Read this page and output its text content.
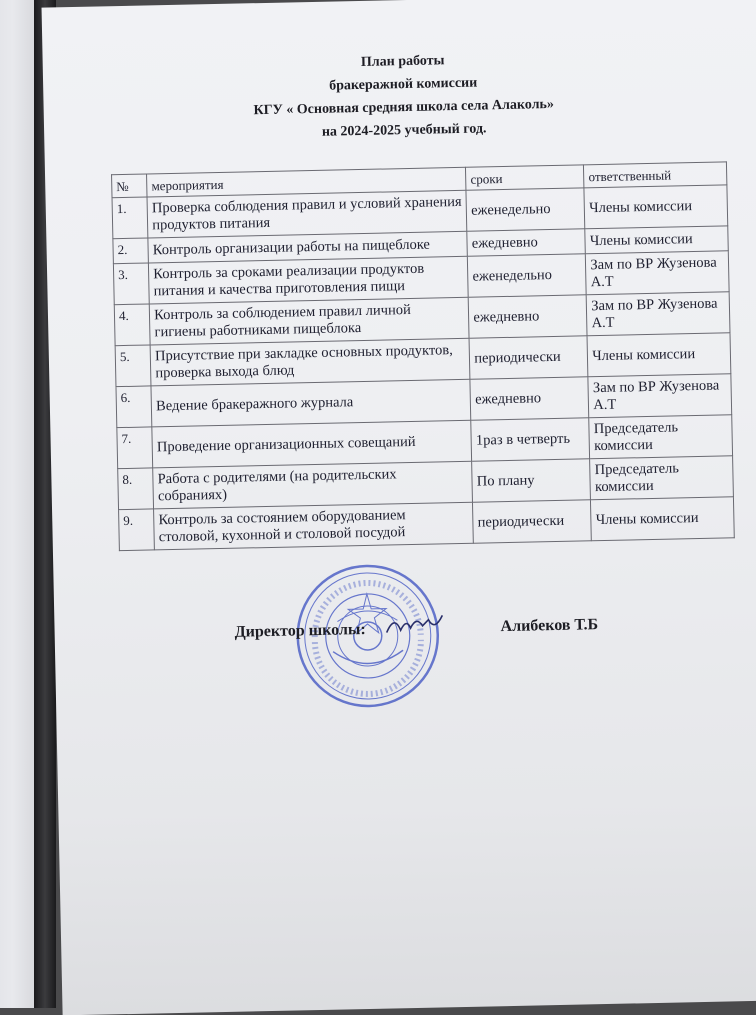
План работы
бракеражной комиссии
КГУ « Основная средняя школа села Алаколь»
на 2024-2025 учебный год.
№	мероприятия	сроки	ответственный
1.	Проверка соблюдения правил и условий хранения продуктов питания	еженедельно	Члены комиссии
2.	Контроль организации работы на пищеблоке	ежедневно	Члены комиссии
3.	Контроль за сроками реализации продуктов питания и качества приготовления пищи	еженедельно	Зам по ВР Жузенова А.Т
4.	Контроль за соблюдением правил личной гигиены работниками пищеблока	ежедневно	Зам по ВР Жузенова А.Т
5.	Присутствие при закладке основных продуктов, проверка выхода блюд	периодически	Члены комиссии
6.	Ведение бракеражного журнала	ежедневно	Зам по ВР Жузенова А.Т
7.	Проведение организационных совещаний	1раз в четверть	Председатель комиссии
8.	Работа с родителями (на родительских собраниях)	По плану	Председатель комиссии
9.	Контроль за состоянием оборудованием столовой, кухонной и столовой посудой	периодически	Члены комиссии
Директор школы:	Алибеков Т.Б
